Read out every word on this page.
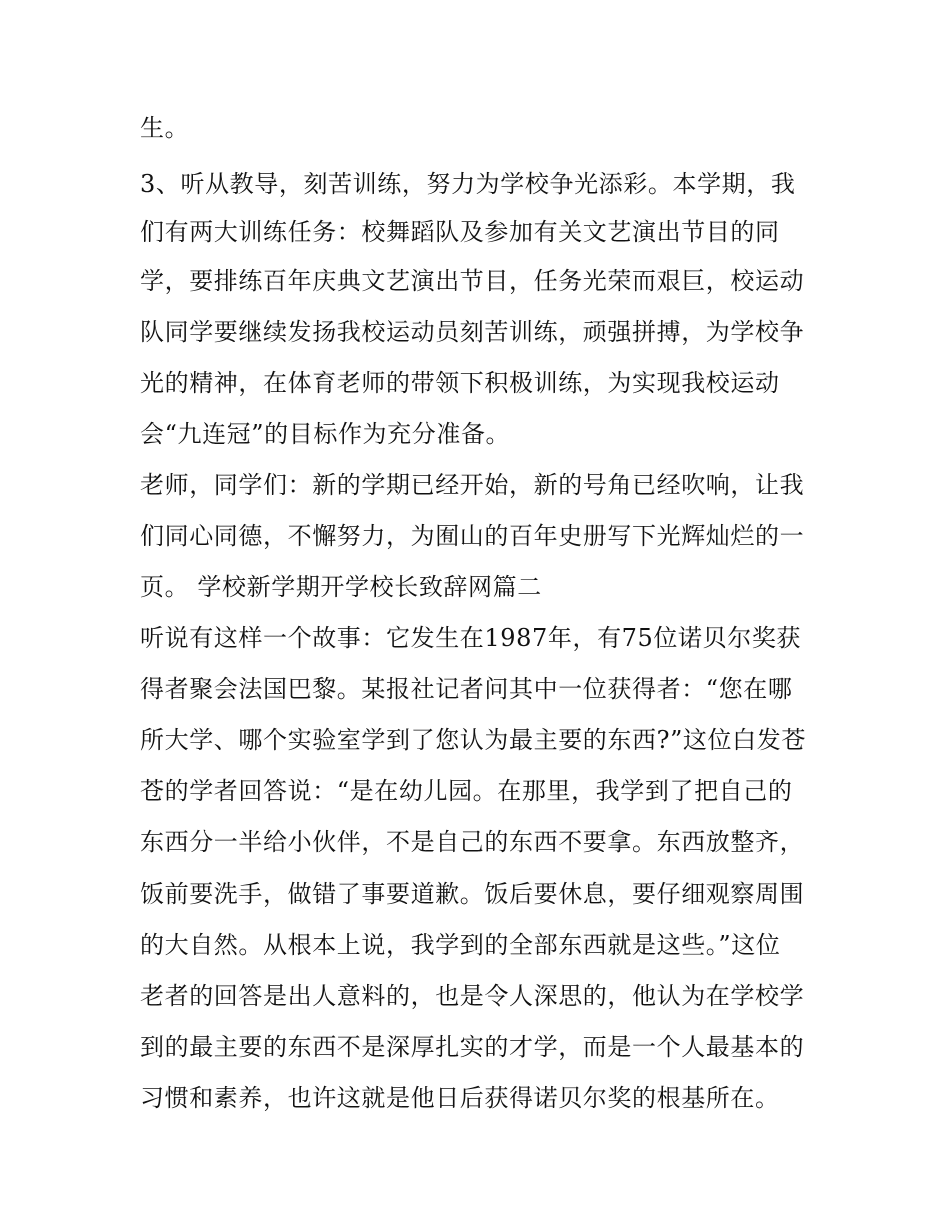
生。
3、听从教导，刻苦训练，努力为学校争光添彩。本学期，我
们有两大训练任务：校舞蹈队及参加有关文艺演出节目的同
学，要排练百年庆典文艺演出节目，任务光荣而艰巨，校运动
队同学要继续发扬我校运动员刻苦训练，顽强拼搏，为学校争
光的精神，在体育老师的带领下积极训练，为实现我校运动
会“九连冠”的目标作为充分准备。
老师，同学们：新的学期已经开始，新的号角已经吹响，让我
们同心同德，不懈努力，为囿山的百年史册写下光辉灿烂的一
页。 学校新学期开学校长致辞网篇二
听说有这样一个故事：它发生在1987年，有75位诺贝尔奖获
得者聚会法国巴黎。某报社记者问其中一位获得者：“您在哪
所大学、哪个实验室学到了您认为最主要的东西?”这位白发苍
苍的学者回答说：“是在幼儿园。在那里，我学到了把自己的
东西分一半给小伙伴，不是自己的东西不要拿。东西放整齐，
饭前要洗手，做错了事要道歉。饭后要休息，要仔细观察周围
的大自然。从根本上说，我学到的全部东西就是这些。”这位
老者的回答是出人意料的，也是令人深思的，他认为在学校学
到的最主要的东西不是深厚扎实的才学，而是一个人最基本的
习惯和素养，也许这就是他日后获得诺贝尔奖的根基所在。
